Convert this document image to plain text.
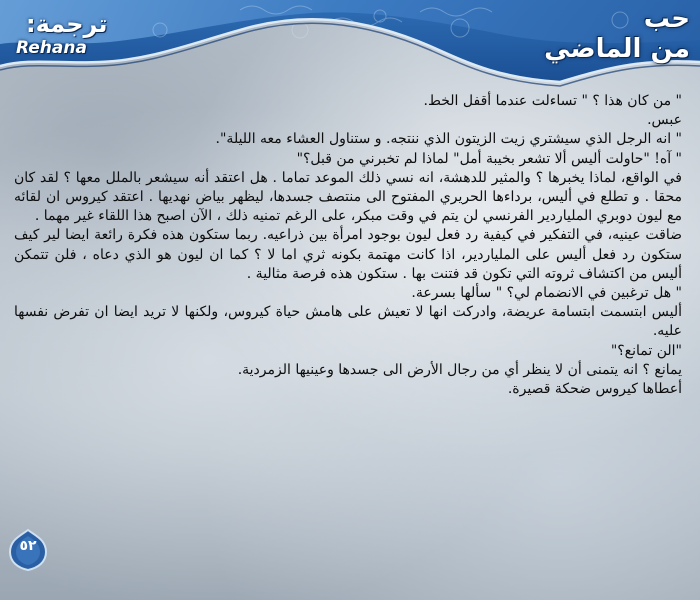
ترجمة:
Rehana
حب
من الماضي

" من كان هذا ؟ " تساءلت عندما أقفل الخط.

عبس.

" انه الرجل الذي سيشتري زيت الزيتون الذي ننتجه. و ستناول العشاء معه الليلة".

" آه! "حاولت أليس ألا تشعر بخيبة أمل" لماذا لم تخبرني من قبل؟"

في الواقع، لماذا يخبرها ؟ والمثير للدهشة، انه نسي ذلك الموعد تماما . هل اعتقد أنه سيشعر بالملل معها ؟ لقد كان محقا . و تطلع في أليس، برداءها الحريري المفتوح الى منتصف جسدها، ليظهر بياض نهديها . اعتقد كيروس ان لقائه مع ليون دوبري الملياردير الفرنسي لن يتم في وقت مبكر، على الرغم تمنيه ذلك ، الآن اصبح هذا اللقاء غير مهما .

ضاقت عينيه، في التفكير في كيفية رد فعل ليون بوجود امرأة بين ذراعيه. ربما ستكون هذه فكرة رائعة ايضا لير كيف ستكون رد فعل أليس على الملياردير، اذا كانت مهتمة بكونه ثري اما لا ؟ كما ان ليون هو الذي دعاه ، فلن تتمكن أليس من اكتشاف ثروته التي تكون قد فتنت بها . ستكون هذه فرصة مثالية .

" هل ترغبين في الانضمام لي؟ " سألها بسرعة.

أليس ابتسمت ابتسامة عريضة، وادركت انها لا تعيش على هامش حياة كيروس، ولكنها لا تريد ايضا ان تفرض نفسها عليه.

"الن تمانع؟"

يمانع ؟ انه يتمنى أن لا ينظر أي من رجال الأرض الى جسدها وعينيها الزمردية.

أعطاها كيروس ضحكة قصيرة.

٥٢
